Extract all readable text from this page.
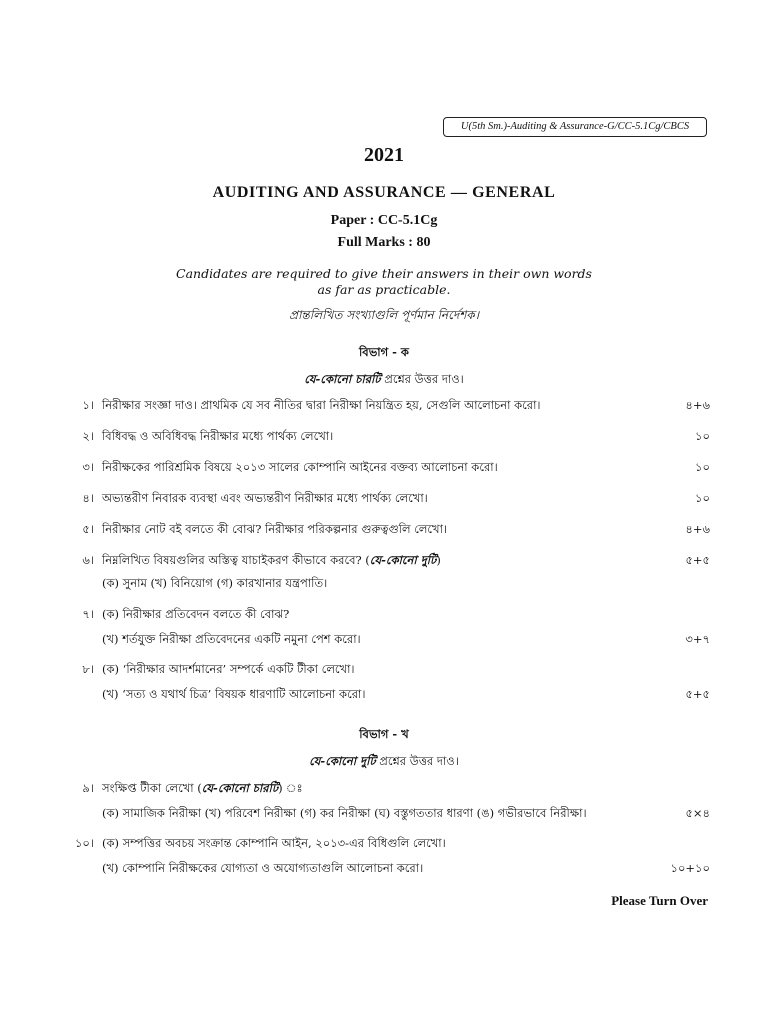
U(5th Sm.)-Auditing & Assurance-G/CC-5.1Cg/CBCS
2021
AUDITING AND ASSURANCE — GENERAL
Paper : CC-5.1Cg
Full Marks : 80
Candidates are required to give their answers in their own words
as far as practicable.
প্রান্তলিখিত সংখ্যাগুলি পূর্ণমান নির্দেশক।
বিভাগ - ক
যে-কোনো চারটি প্রশ্নের উত্তর দাও।
১। নিরীক্ষার সংজ্ঞা দাও। প্রাথমিক যে সব নীতির দ্বারা নিরীক্ষা নিয়ন্ত্রিত হয়, সেগুলি আলোচনা করো।	৪+৬
২। বিধিবদ্ধ ও অবিধিবদ্ধ নিরীক্ষার মধ্যে পার্থক্য লেখো।	১০
৩। নিরীক্ষকের পারিশ্রমিক বিষয়ে ২০১৩ সালের কোম্পানি আইনের বক্তব্য আলোচনা করো।	১০
৪। অভ্যন্তরীণ নিবারক ব্যবস্থা এবং অভ্যন্তরীণ নিরীক্ষার মধ্যে পার্থক্য লেখো।	১০
৫। নিরীক্ষার নোট বই বলতে কী বোঝ? নিরীক্ষার পরিকল্পনার গুরুত্বগুলি লেখো।	৪+৬
৬। নিম্নলিখিত বিষয়গুলির অস্তিত্ব যাচাইকরণ কীভাবে করবে? (যে-কোনো দুটি)	৫+৫
(ক) সুনাম (খ) বিনিয়োগ (গ) কারখানার যন্ত্রপাতি।
৭। (ক) নিরীক্ষার প্রতিবেদন বলতে কী বোঝ?
(খ) শর্তযুক্ত নিরীক্ষা প্রতিবেদনের একটি নমুনা পেশ করো।	৩+৭
৮। (ক) ‘নিরীক্ষার আদর্শমানের’ সম্পর্কে একটি টীকা লেখো।
(খ) ‘সত্য ও যথার্থ চিত্র’ বিষয়ক ধারণাটি আলোচনা করো।	৫+৫
বিভাগ - খ
যে-কোনো দুটি প্রশ্নের উত্তর দাও।
৯। সংক্ষিপ্ত টীকা লেখো (যে-কোনো চারটি) ঃ
(ক) সামাজিক নিরীক্ষা (খ) পরিবেশ নিরীক্ষা (গ) কর নিরীক্ষা (ঘ) বস্তুগততার ধারণা (ঙ) গভীরভাবে নিরীক্ষা।	৫×৪
১০। (ক) সম্পত্তির অবচয় সংক্রান্ত কোম্পানি আইন, ২০১৩-এর বিধিগুলি লেখো।
(খ) কোম্পানি নিরীক্ষকের যোগ্যতা ও অযোগ্যতাগুলি আলোচনা করো।	১০+১০
Please Turn Over
